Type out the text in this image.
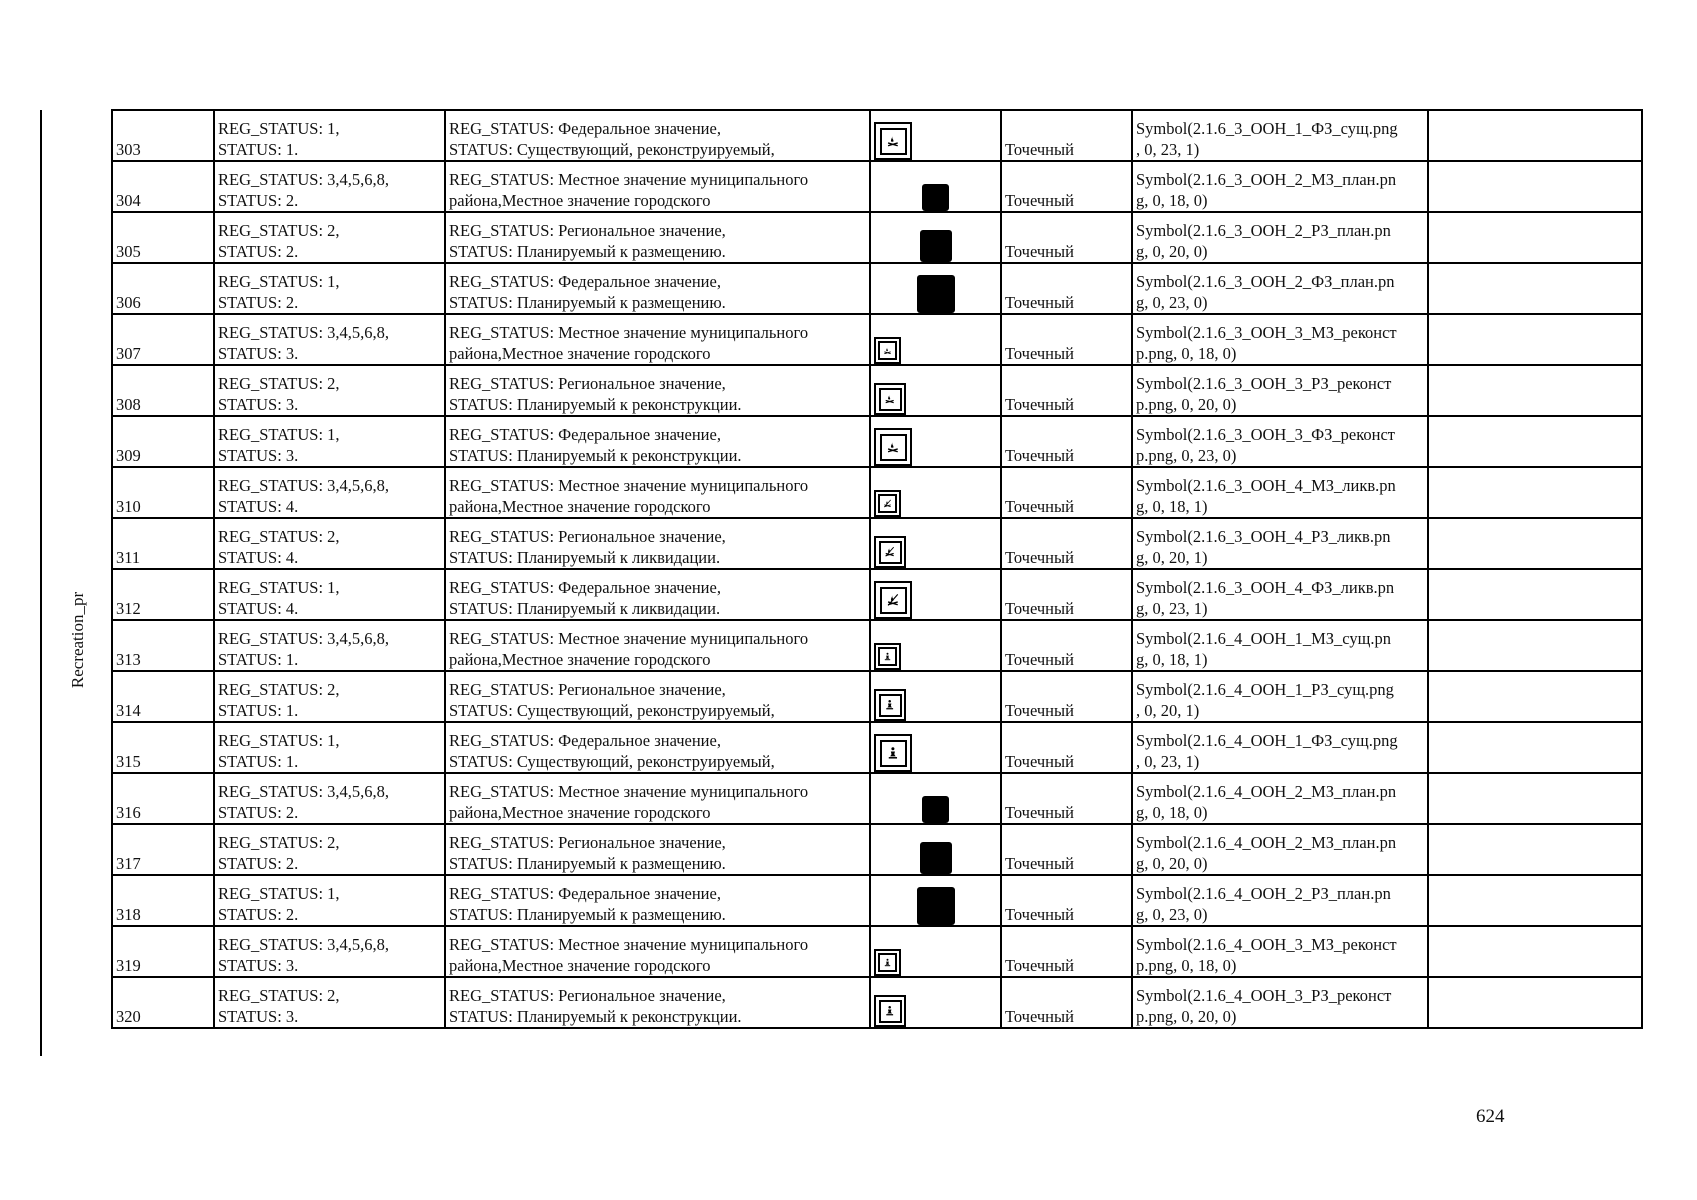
Recreation_pr
303	REG_STATUS: 1,
STATUS: 1.	REG_STATUS: Федеральное значение,
STATUS: Существующий, реконструируемый,		Точечный	Symbol(2.1.6_3_ООН_1_ФЗ_сущ.png
, 0, 23, 1)	

304	REG_STATUS: 3,4,5,6,8,
STATUS: 2.	REG_STATUS: Местное значение муниципального
района,Местное значение городского		Точечный	Symbol(2.1.6_3_ООН_2_МЗ_план.pn
g, 0, 18, 0)	

305	REG_STATUS: 2,
STATUS: 2.	REG_STATUS: Региональное значение,
STATUS: Планируемый к размещению.		Точечный	Symbol(2.1.6_3_ООН_2_РЗ_план.pn
g, 0, 20, 0)	

306	REG_STATUS: 1,
STATUS: 2.	REG_STATUS: Федеральное значение,
STATUS: Планируемый к размещению.		Точечный	Symbol(2.1.6_3_ООН_2_ФЗ_план.pn
g, 0, 23, 0)	

307	REG_STATUS: 3,4,5,6,8,
STATUS: 3.	REG_STATUS: Местное значение муниципального
района,Местное значение городского		Точечный	Symbol(2.1.6_3_ООН_3_МЗ_реконст
р.png, 0, 18, 0)	

308	REG_STATUS: 2,
STATUS: 3.	REG_STATUS: Региональное значение,
STATUS: Планируемый к реконструкции.		Точечный	Symbol(2.1.6_3_ООН_3_РЗ_реконст
р.png, 0, 20, 0)	

309	REG_STATUS: 1,
STATUS: 3.	REG_STATUS: Федеральное значение,
STATUS: Планируемый к реконструкции.		Точечный	Symbol(2.1.6_3_ООН_3_ФЗ_реконст
р.png, 0, 23, 0)	

310	REG_STATUS: 3,4,5,6,8,
STATUS: 4.	REG_STATUS: Местное значение муниципального
района,Местное значение городского		Точечный	Symbol(2.1.6_3_ООН_4_МЗ_ликв.pn
g, 0, 18, 1)	

311	REG_STATUS: 2,
STATUS: 4.	REG_STATUS: Региональное значение,
STATUS: Планируемый к ликвидации.		Точечный	Symbol(2.1.6_3_ООН_4_РЗ_ликв.pn
g, 0, 20, 1)	

312	REG_STATUS: 1,
STATUS: 4.	REG_STATUS: Федеральное значение,
STATUS: Планируемый к ликвидации.		Точечный	Symbol(2.1.6_3_ООН_4_ФЗ_ликв.pn
g, 0, 23, 1)	

313	REG_STATUS: 3,4,5,6,8,
STATUS: 1.	REG_STATUS: Местное значение муниципального
района,Местное значение городского		Точечный	Symbol(2.1.6_4_ООН_1_МЗ_сущ.pn
g, 0, 18, 1)	

314	REG_STATUS: 2,
STATUS: 1.	REG_STATUS: Региональное значение,
STATUS: Существующий, реконструируемый,		Точечный	Symbol(2.1.6_4_ООН_1_РЗ_сущ.png
, 0, 20, 1)	

315	REG_STATUS: 1,
STATUS: 1.	REG_STATUS: Федеральное значение,
STATUS: Существующий, реконструируемый,		Точечный	Symbol(2.1.6_4_ООН_1_ФЗ_сущ.png
, 0, 23, 1)	

316	REG_STATUS: 3,4,5,6,8,
STATUS: 2.	REG_STATUS: Местное значение муниципального
района,Местное значение городского		Точечный	Symbol(2.1.6_4_ООН_2_МЗ_план.pn
g, 0, 18, 0)	

317	REG_STATUS: 2,
STATUS: 2.	REG_STATUS: Региональное значение,
STATUS: Планируемый к размещению.		Точечный	Symbol(2.1.6_4_ООН_2_МЗ_план.pn
g, 0, 20, 0)	

318	REG_STATUS: 1,
STATUS: 2.	REG_STATUS: Федеральное значение,
STATUS: Планируемый к размещению.		Точечный	Symbol(2.1.6_4_ООН_2_РЗ_план.pn
g, 0, 23, 0)	

319	REG_STATUS: 3,4,5,6,8,
STATUS: 3.	REG_STATUS: Местное значение муниципального
района,Местное значение городского		Точечный	Symbol(2.1.6_4_ООН_3_МЗ_реконст
р.png, 0, 18, 0)	

320	REG_STATUS: 2,
STATUS: 3.	REG_STATUS: Региональное значение,
STATUS: Планируемый к реконструкции.		Точечный	Symbol(2.1.6_4_ООН_3_РЗ_реконст
р.png, 0, 20, 0)	

624
